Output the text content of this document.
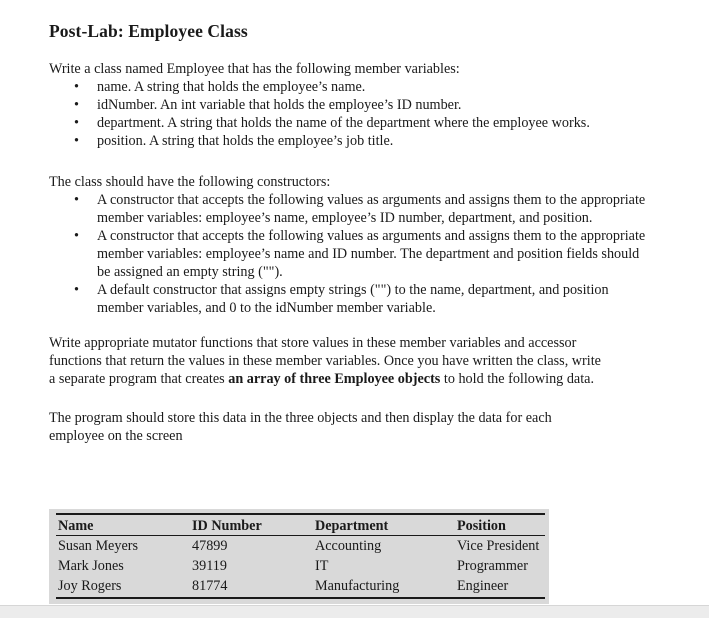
Post-Lab: Employee Class

Write a class named Employee that has the following member variables:

• name. A string that holds the employee’s name.
• idNumber. An int variable that holds the employee’s ID number.
• department. A string that holds the name of the department where the employee works.
• position. A string that holds the employee’s job title.

The class should have the following constructors:

• A constructor that accepts the following values as arguments and assigns them to the appropriate
member variables: employee’s name, employee’s ID number, department, and position.
• A constructor that accepts the following values as arguments and assigns them to the appropriate
member variables: employee’s name and ID number. The department and position fields should
be assigned an empty string ("").
• A default constructor that assigns empty strings ("") to the name, department, and position
member variables, and 0 to the idNumber member variable.

Write appropriate mutator functions that store values in these member variables and accessor
functions that return the values in these member variables. Once you have written the class, write
a separate program that creates an array of three Employee objects to hold the following data.

The program should store this data in the three objects and then display the data for each
employee on the screen

Name	ID Number	Department	Position
Susan Meyers	47899	Accounting	Vice President
Mark Jones	39119	IT	Programmer
Joy Rogers	81774	Manufacturing	Engineer
